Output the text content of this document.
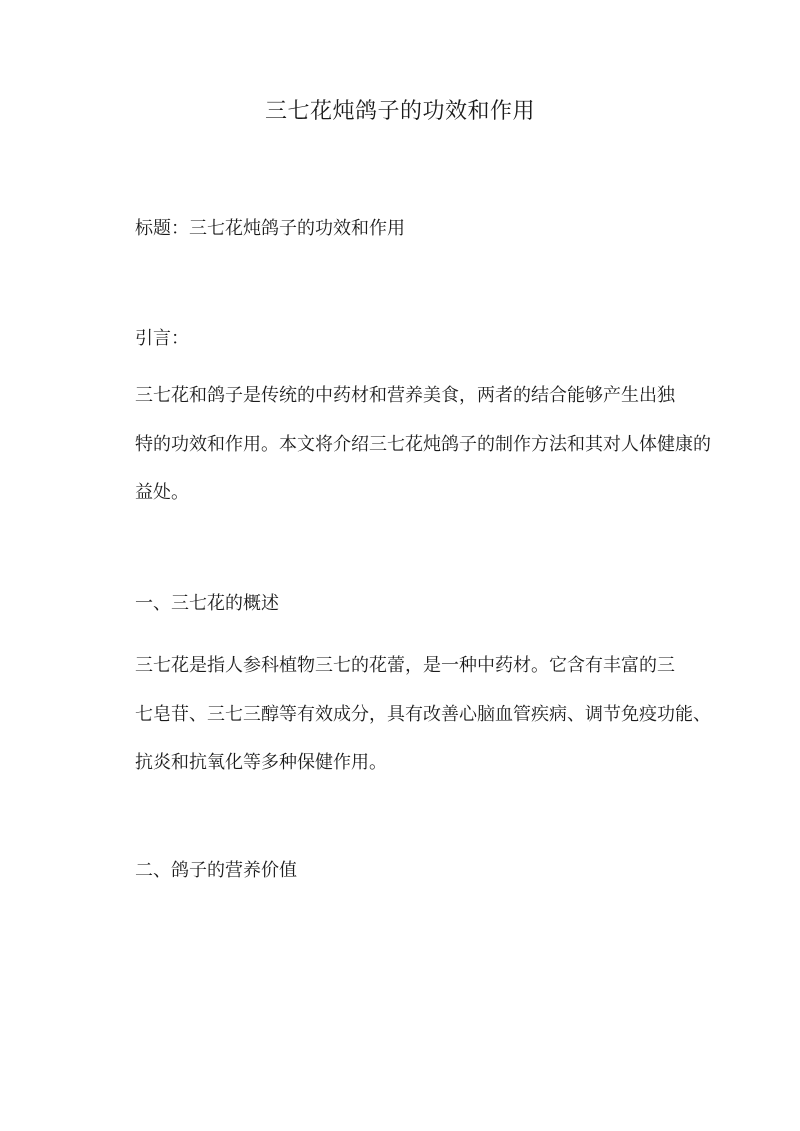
三七花炖鸽子的功效和作用
标题：三七花炖鸽子的功效和作用
引言：
三七花和鸽子是传统的中药材和营养美食，两者的结合能够产生出独
特的功效和作用。本文将介绍三七花炖鸽子的制作方法和其对人体健康的
益处。
一、三七花的概述
三七花是指人参科植物三七的花蕾，是一种中药材。它含有丰富的三
七皂苷、三七三醇等有效成分，具有改善心脑血管疾病、调节免疫功能、
抗炎和抗氧化等多种保健作用。
二、鸽子的营养价值
